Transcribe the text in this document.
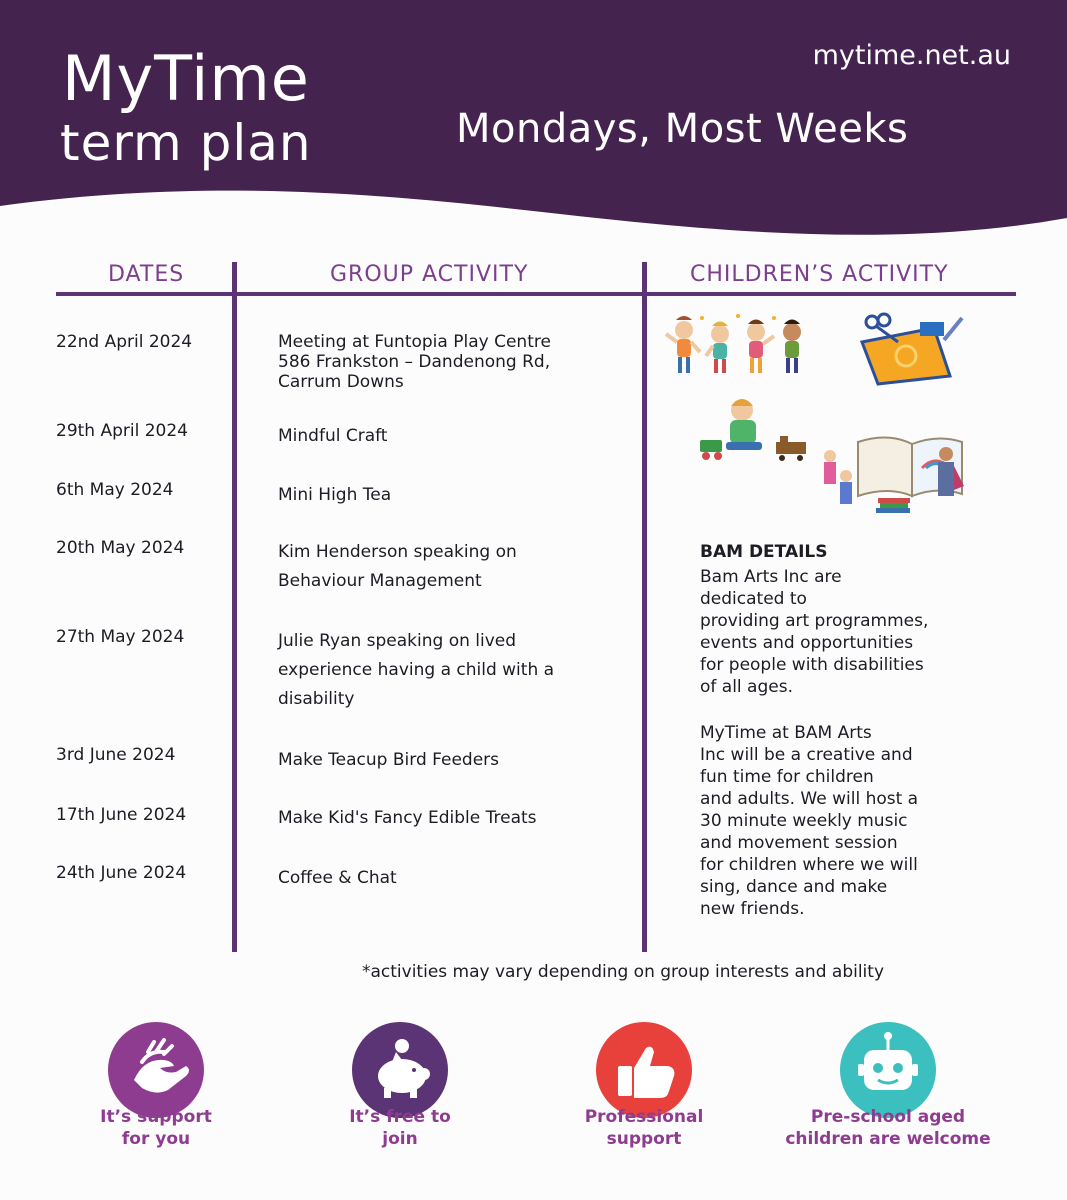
MyTime
term plan
mytime.net.au
Mondays, Most Weeks
DATES	GROUP ACTIVITY	CHILDREN’S ACTIVITY
22nd April 2024	Meeting at Funtopia Play Centre
586 Frankston – Dandenong Rd,
Carrum Downs
29th April 2024	Mindful Craft
6th May 2024	Mini High Tea
20th May 2024	Kim Henderson speaking on
Behaviour Management
27th May 2024	Julie Ryan speaking on lived
experience having a child with a
disability
3rd June 2024	Make Teacup Bird Feeders
17th June 2024	Make Kid's Fancy Edible Treats
24th June 2024	Coffee & Chat
BAM DETAILS
Bam Arts Inc are
dedicated to
providing art programmes,
events and opportunities
for people with disabilities
of all ages.
MyTime at BAM Arts
Inc will be a creative and
fun time for children
and adults. We will host a
30 minute weekly music
and movement session
for children where we will
sing, dance and make
new friends.
*activities may vary depending on group interests and ability
It’s support
for you
It’s free to
join
Professional
support
Pre-school aged
children are welcome
